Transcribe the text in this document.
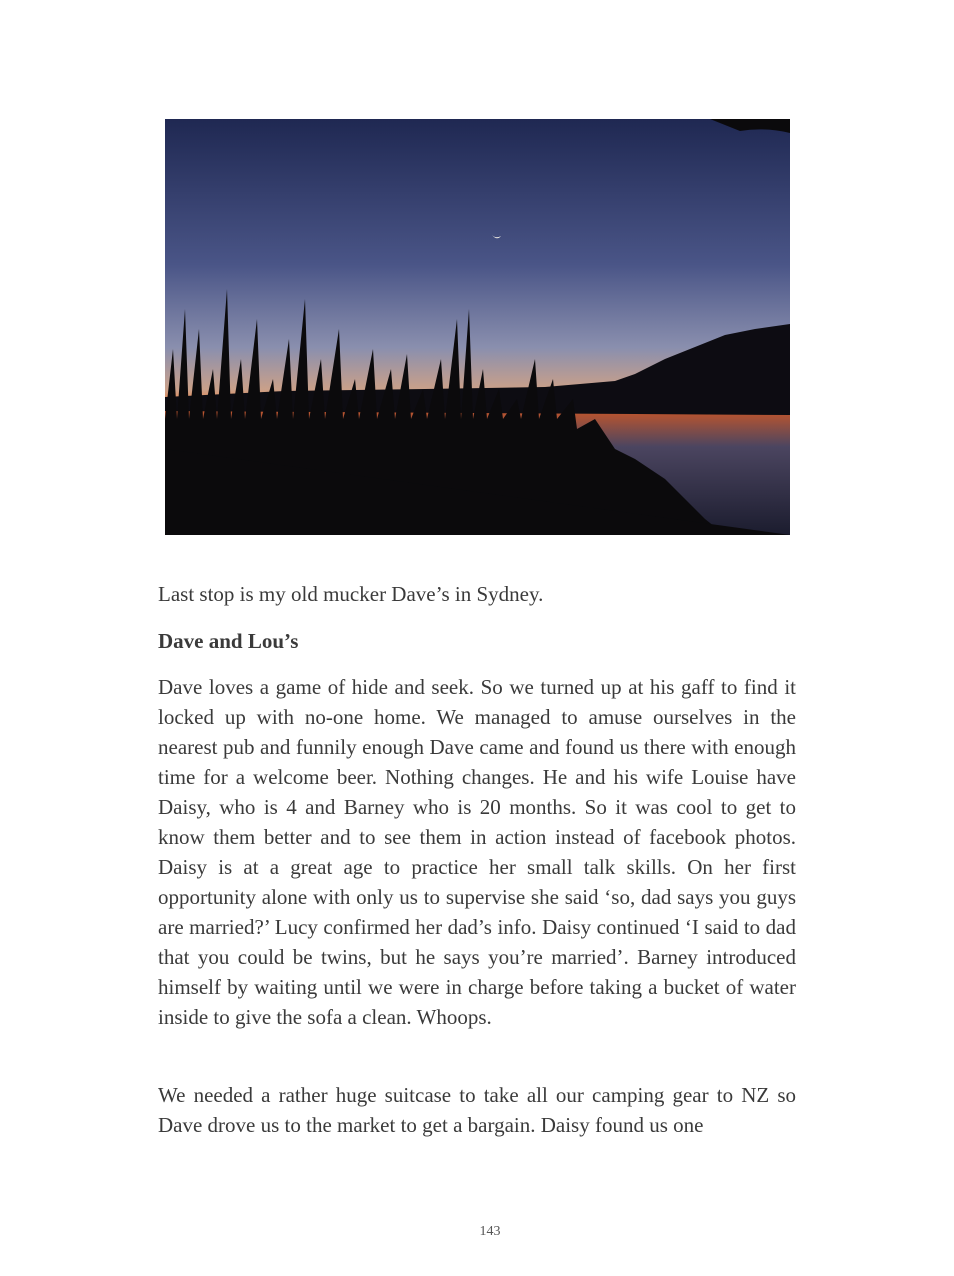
Last stop is my old mucker Dave’s in Sydney.

Dave and Lou’s

Dave loves a game of hide and seek. So we turned up at his gaff to find it locked up with no-one home. We managed to amuse ourselves in the nearest pub and funnily enough Dave came and found us there with enough time for a welcome beer. Nothing changes. He and his wife Louise have Daisy, who is 4 and Barney who is 20 months. So it was cool to get to know them better and to see them in action instead of facebook photos. Daisy is at a great age to practice her small talk skills. On her first opportunity alone with only us to supervise she said ‘so, dad says you guys are married?’ Lucy confirmed her dad’s info. Daisy continued ‘I said to dad that you could be twins, but he says you’re married’. Barney introduced himself by waiting until we were in charge before taking a bucket of water inside to give the sofa a clean. Whoops.

We needed a rather huge suitcase to take all our camping gear to NZ so Dave drove us to the market to get a bargain. Daisy found us one

143
